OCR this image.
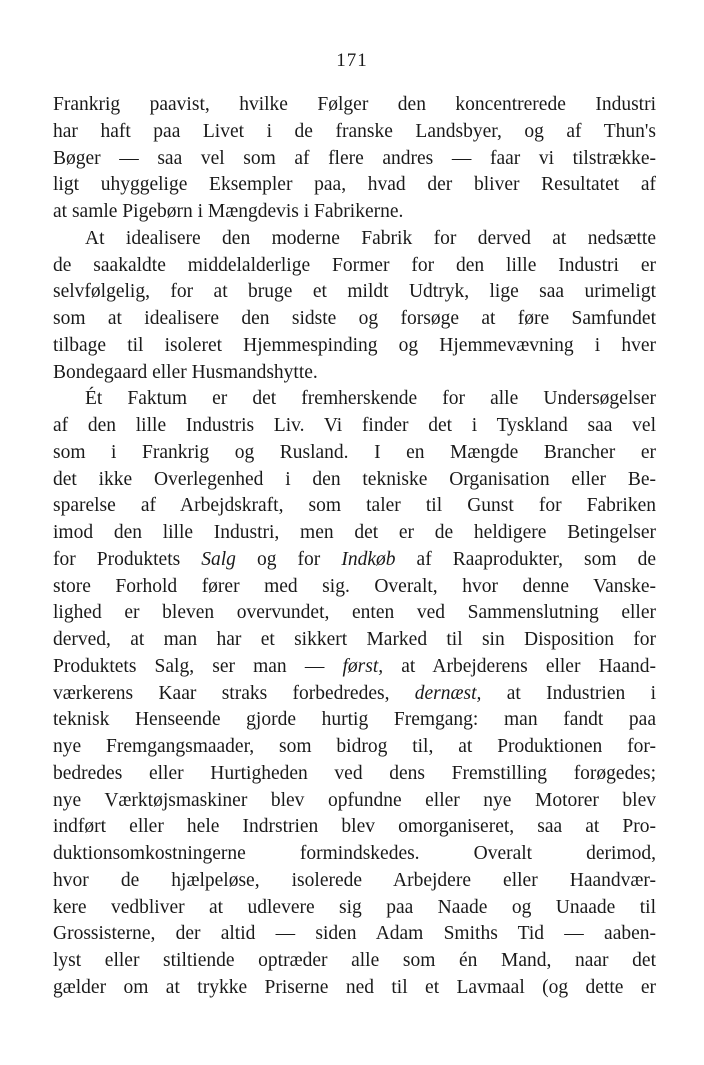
171
Frankrig paavist, hvilke Følger den koncentrerede Industri
har haft paa Livet i de franske Landsbyer, og af Thun's
Bøger — saa vel som af flere andres — faar vi tilstrække-
ligt uhyggelige Eksempler paa, hvad der bliver Resultatet af
at samle Pigebørn i Mængdevis i Fabrikerne.
At idealisere den moderne Fabrik for derved at nedsætte
de saakaldte middelalderlige Former for den lille Industri er
selvfølgelig, for at bruge et mildt Udtryk, lige saa urimeligt
som at idealisere den sidste og forsøge at føre Samfundet
tilbage til isoleret Hjemmespinding og Hjemmevævning i hver
Bondegaard eller Husmandshytte.
Ét Faktum er det fremherskende for alle Undersøgelser
af den lille Industris Liv. Vi finder det i Tyskland saa vel
som i Frankrig og Rusland. I en Mængde Brancher er
det ikke Overlegenhed i den tekniske Organisation eller Be-
sparelse af Arbejdskraft, som taler til Gunst for Fabriken
imod den lille Industri, men det er de heldigere Betingelser
for Produktets Salg og for Indkøb af Raaprodukter, som de
store Forhold fører med sig. Overalt, hvor denne Vanske-
lighed er bleven overvundet, enten ved Sammenslutning eller
derved, at man har et sikkert Marked til sin Disposition for
Produktets Salg, ser man — først, at Arbejderens eller Haand-
værkerens Kaar straks forbedredes, dernæst, at Industrien i
teknisk Henseende gjorde hurtig Fremgang: man fandt paa
nye Fremgangsmaader, som bidrog til, at Produktionen for-
bedredes eller Hurtigheden ved dens Fremstilling forøgedes;
nye Værktøjsmaskiner blev opfundne eller nye Motorer blev
indført eller hele Indrstrien blev omorganiseret, saa at Pro-
duktionsomkostningerne formindskedes. Overalt derimod,
hvor de hjælpeløse, isolerede Arbejdere eller Haandvær-
kere vedbliver at udlevere sig paa Naade og Unaade til
Grossisterne, der altid — siden Adam Smiths Tid — aaben-
lyst eller stiltiende optræder alle som én Mand, naar det
gælder om at trykke Priserne ned til et Lavmaal (og dette er
